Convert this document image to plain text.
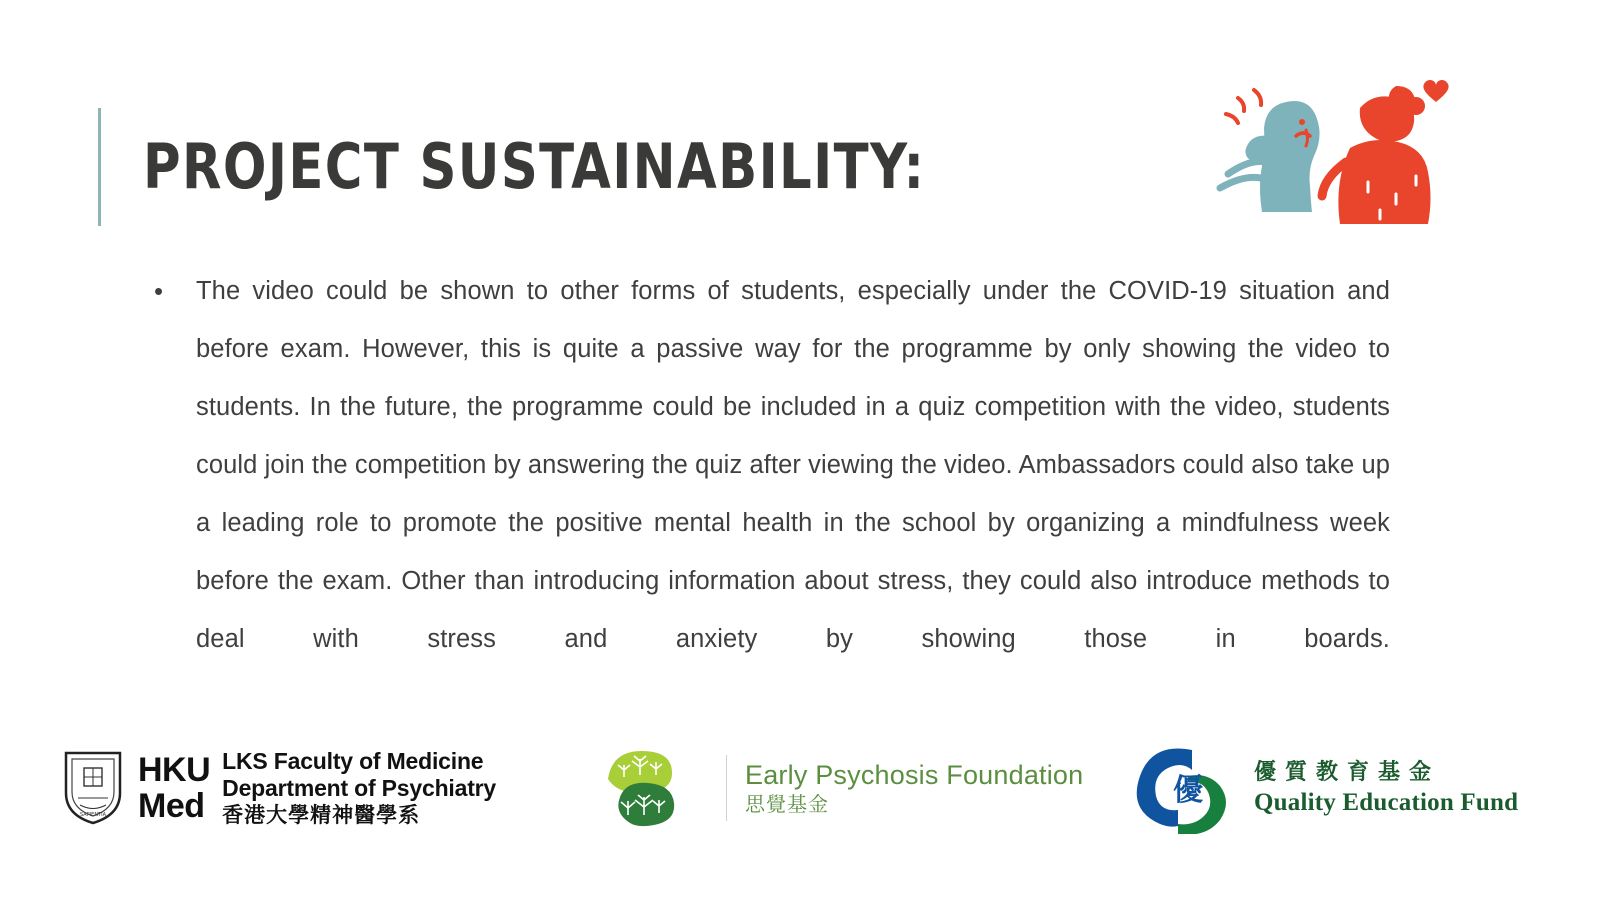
PROJECT SUSTAINABILITY:
•	The video could be shown to other forms of students, especially under the COVID-19 situation and before exam. However, this is quite a passive way for the programme by only showing the video to students. In the future, the programme could be included in a quiz competition with the video, students could join the competition by answering the quiz after viewing the video. Ambassadors could also take up a leading role to promote the positive mental health in the school by organizing a mindfulness week before the exam. Other than introducing information about stress, they could also introduce methods to deal with stress and anxiety by showing those in boards.
SAPIENTIA
HKU
Med
LKS Faculty of Medicine
Department of Psychiatry
香港大學精神醫學系
Early Psychosis Foundation
思覺基金	優
優質教育基金
Quality Education Fund
